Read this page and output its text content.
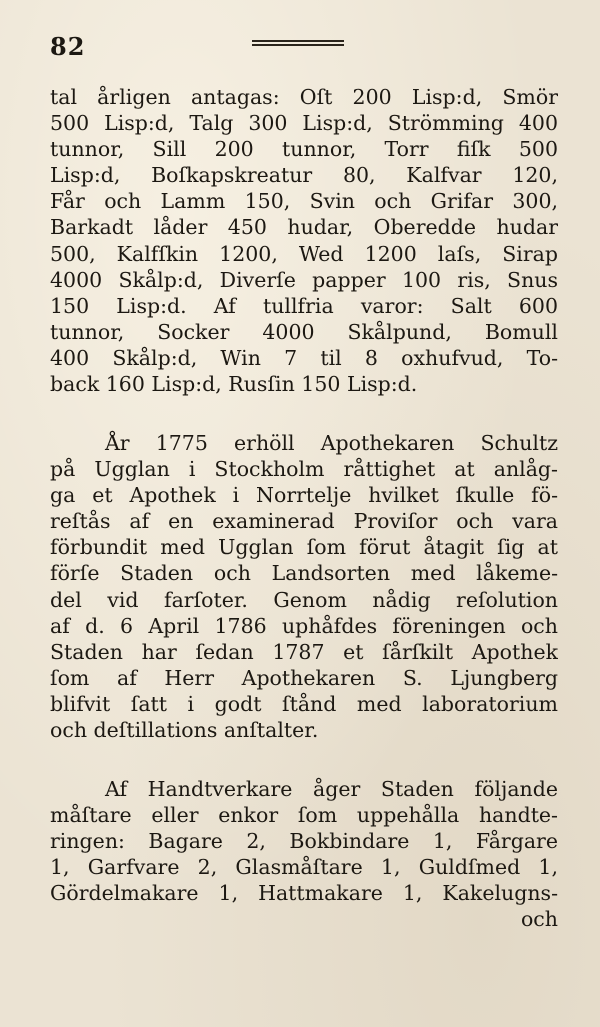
82
tal årligen antagas: Oſt 200 Lisp:d, Smör
500 Lisp:d, Talg 300 Lisp:d, Strömming 400
tunnor, Sill 200 tunnor, Torr fiſk 500
Lisp:d, Boſkapskreatur 80, Kalfvar 120,
Får och Lamm 150, Svin och Grifar 300,
Barkadt låder 450 hudar, Oberedde hudar
500, Kalfſkin 1200, Wed 1200 laſs, Sirap
4000 Skålp:d, Diverſe papper 100 ris, Snus
150 Lisp:d. Af tullfria varor: Salt 600
tunnor, Socker 4000 Skålpund, Bomull
400 Skålp:d, Win 7 til 8 oxhufvud, To-
back 160 Lisp:d, Rusſin 150 Lisp:d.
År 1775 erhöll Apothekaren Schultz
på Ugglan i Stockholm råttighet at anlåg-
ga et Apothek i Norrtelje hvilket ſkulle fö-
reſtås af en examinerad Proviſor och vara
förbundit med Ugglan ſom förut åtagit ſig at
förſe Staden och Landsorten med låkeme-
del vid farſoter. Genom nådig reſolution
af d. 6 April 1786 uphåfdes föreningen och
Staden har ſedan 1787 et ſårſkilt Apothek
ſom af Herr Apothekaren S. Ljungberg
blifvit ſatt i godt ſtånd med laboratorium
och deſtillations anſtalter.
Af Handtverkare åger Staden följande
måſtare eller enkor ſom uppehålla handte-
ringen: Bagare 2, Bokbindare 1, Fårgare
1, Garfvare 2, Glasmåſtare 1, Guldſmed 1,
Gördelmakare 1, Hattmakare 1, Kakelugns-
och
